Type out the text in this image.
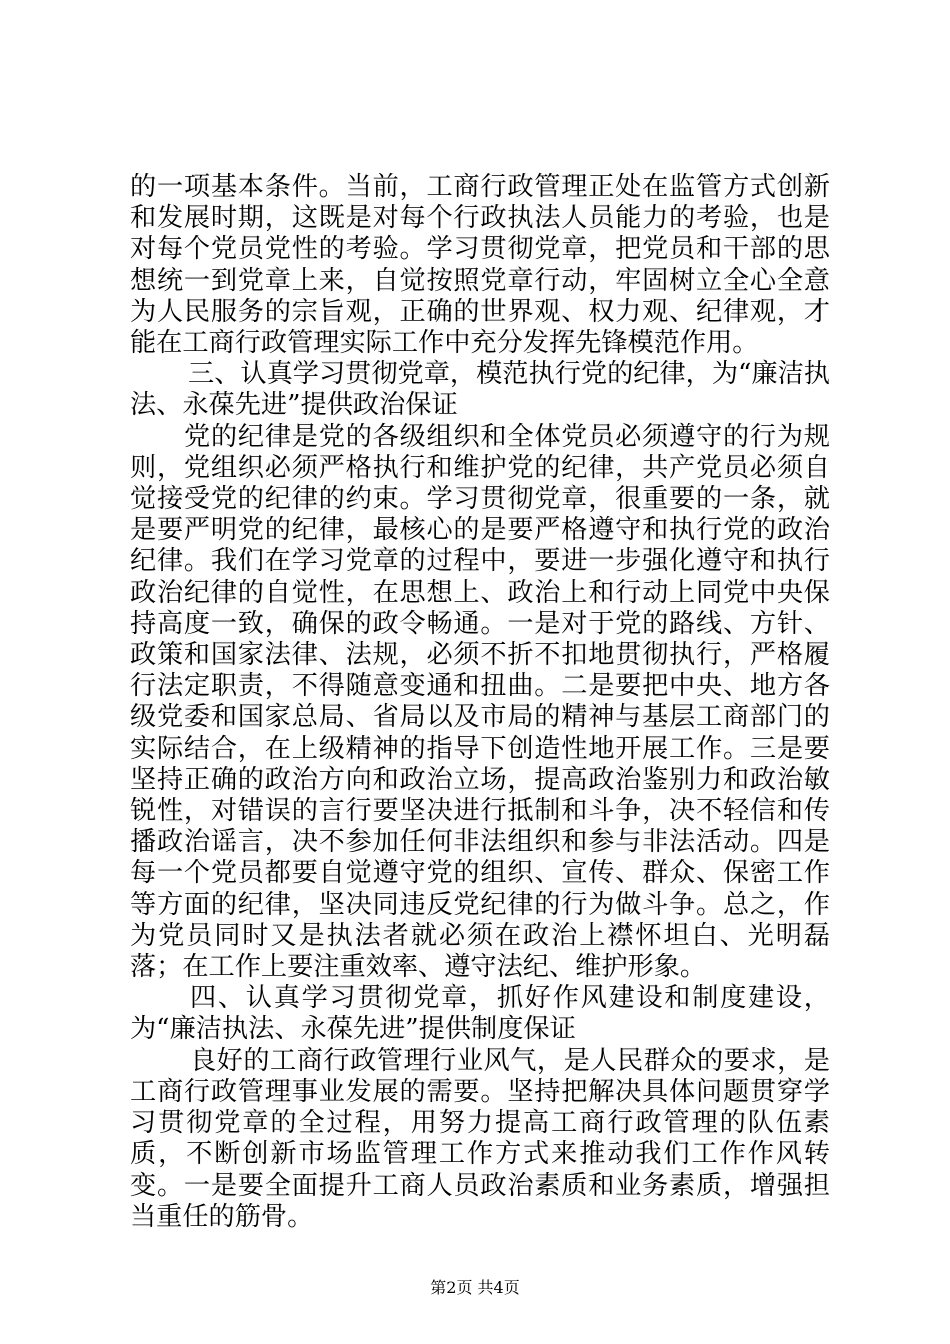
的一项基本条件。当前，工商行政管理正处在监管方式创新和发展时期，这既是对每个行政执法人员能力的考验，也是对每个党员党性的考验。学习贯彻党章，把党员和干部的思想统一到党章上来，自觉按照党章行动，牢固树立全心全意为人民服务的宗旨观，正确的世界观、权力观、纪律观，才能在工商行政管理实际工作中充分发挥先锋模范作用。

三、认真学习贯彻党章，模范执行党的纪律，为“廉洁执法、永葆先进”提供政治保证

党的纪律是党的各级组织和全体党员必须遵守的行为规则，党组织必须严格执行和维护党的纪律，共产党员必须自觉接受党的纪律的约束。学习贯彻党章，很重要的一条，就是要严明党的纪律，最核心的是要严格遵守和执行党的政治纪律。我们在学习党章的过程中，要进一步强化遵守和执行政治纪律的自觉性，在思想上、政治上和行动上同党中央保持高度一致，确保的政令畅通。一是对于党的路线、方针、政策和国家法律、法规，必须不折不扣地贯彻执行，严格履行法定职责，不得随意变通和扭曲。二是要把中央、地方各级党委和国家总局、省局以及市局的精神与基层工商部门的实际结合，在上级精神的指导下创造性地开展工作。三是要坚持正确的政治方向和政治立场，提高政治鉴别力和政治敏锐性，对错误的言行要坚决进行抵制和斗争，决不轻信和传播政治谣言，决不参加任何非法组织和参与非法活动。四是每一个党员都要自觉遵守党的组织、宣传、群众、保密工作等方面的纪律，坚决同违反党纪律的行为做斗争。总之，作为党员同时又是执法者就必须在政治上襟怀坦白、光明磊落；在工作上要注重效率、遵守法纪、维护形象。

四、认真学习贯彻党章，抓好作风建设和制度建设，为“廉洁执法、永葆先进”提供制度保证

良好的工商行政管理行业风气，是人民群众的要求，是工商行政管理事业发展的需要。坚持把解决具体问题贯穿学习贯彻党章的全过程，用努力提高工商行政管理的队伍素质，不断创新市场监管理工作方式来推动我们工作作风转变。一是要全面提升工商人员政治素质和业务素质，增强担当重任的筋骨。

第2页 共4页
